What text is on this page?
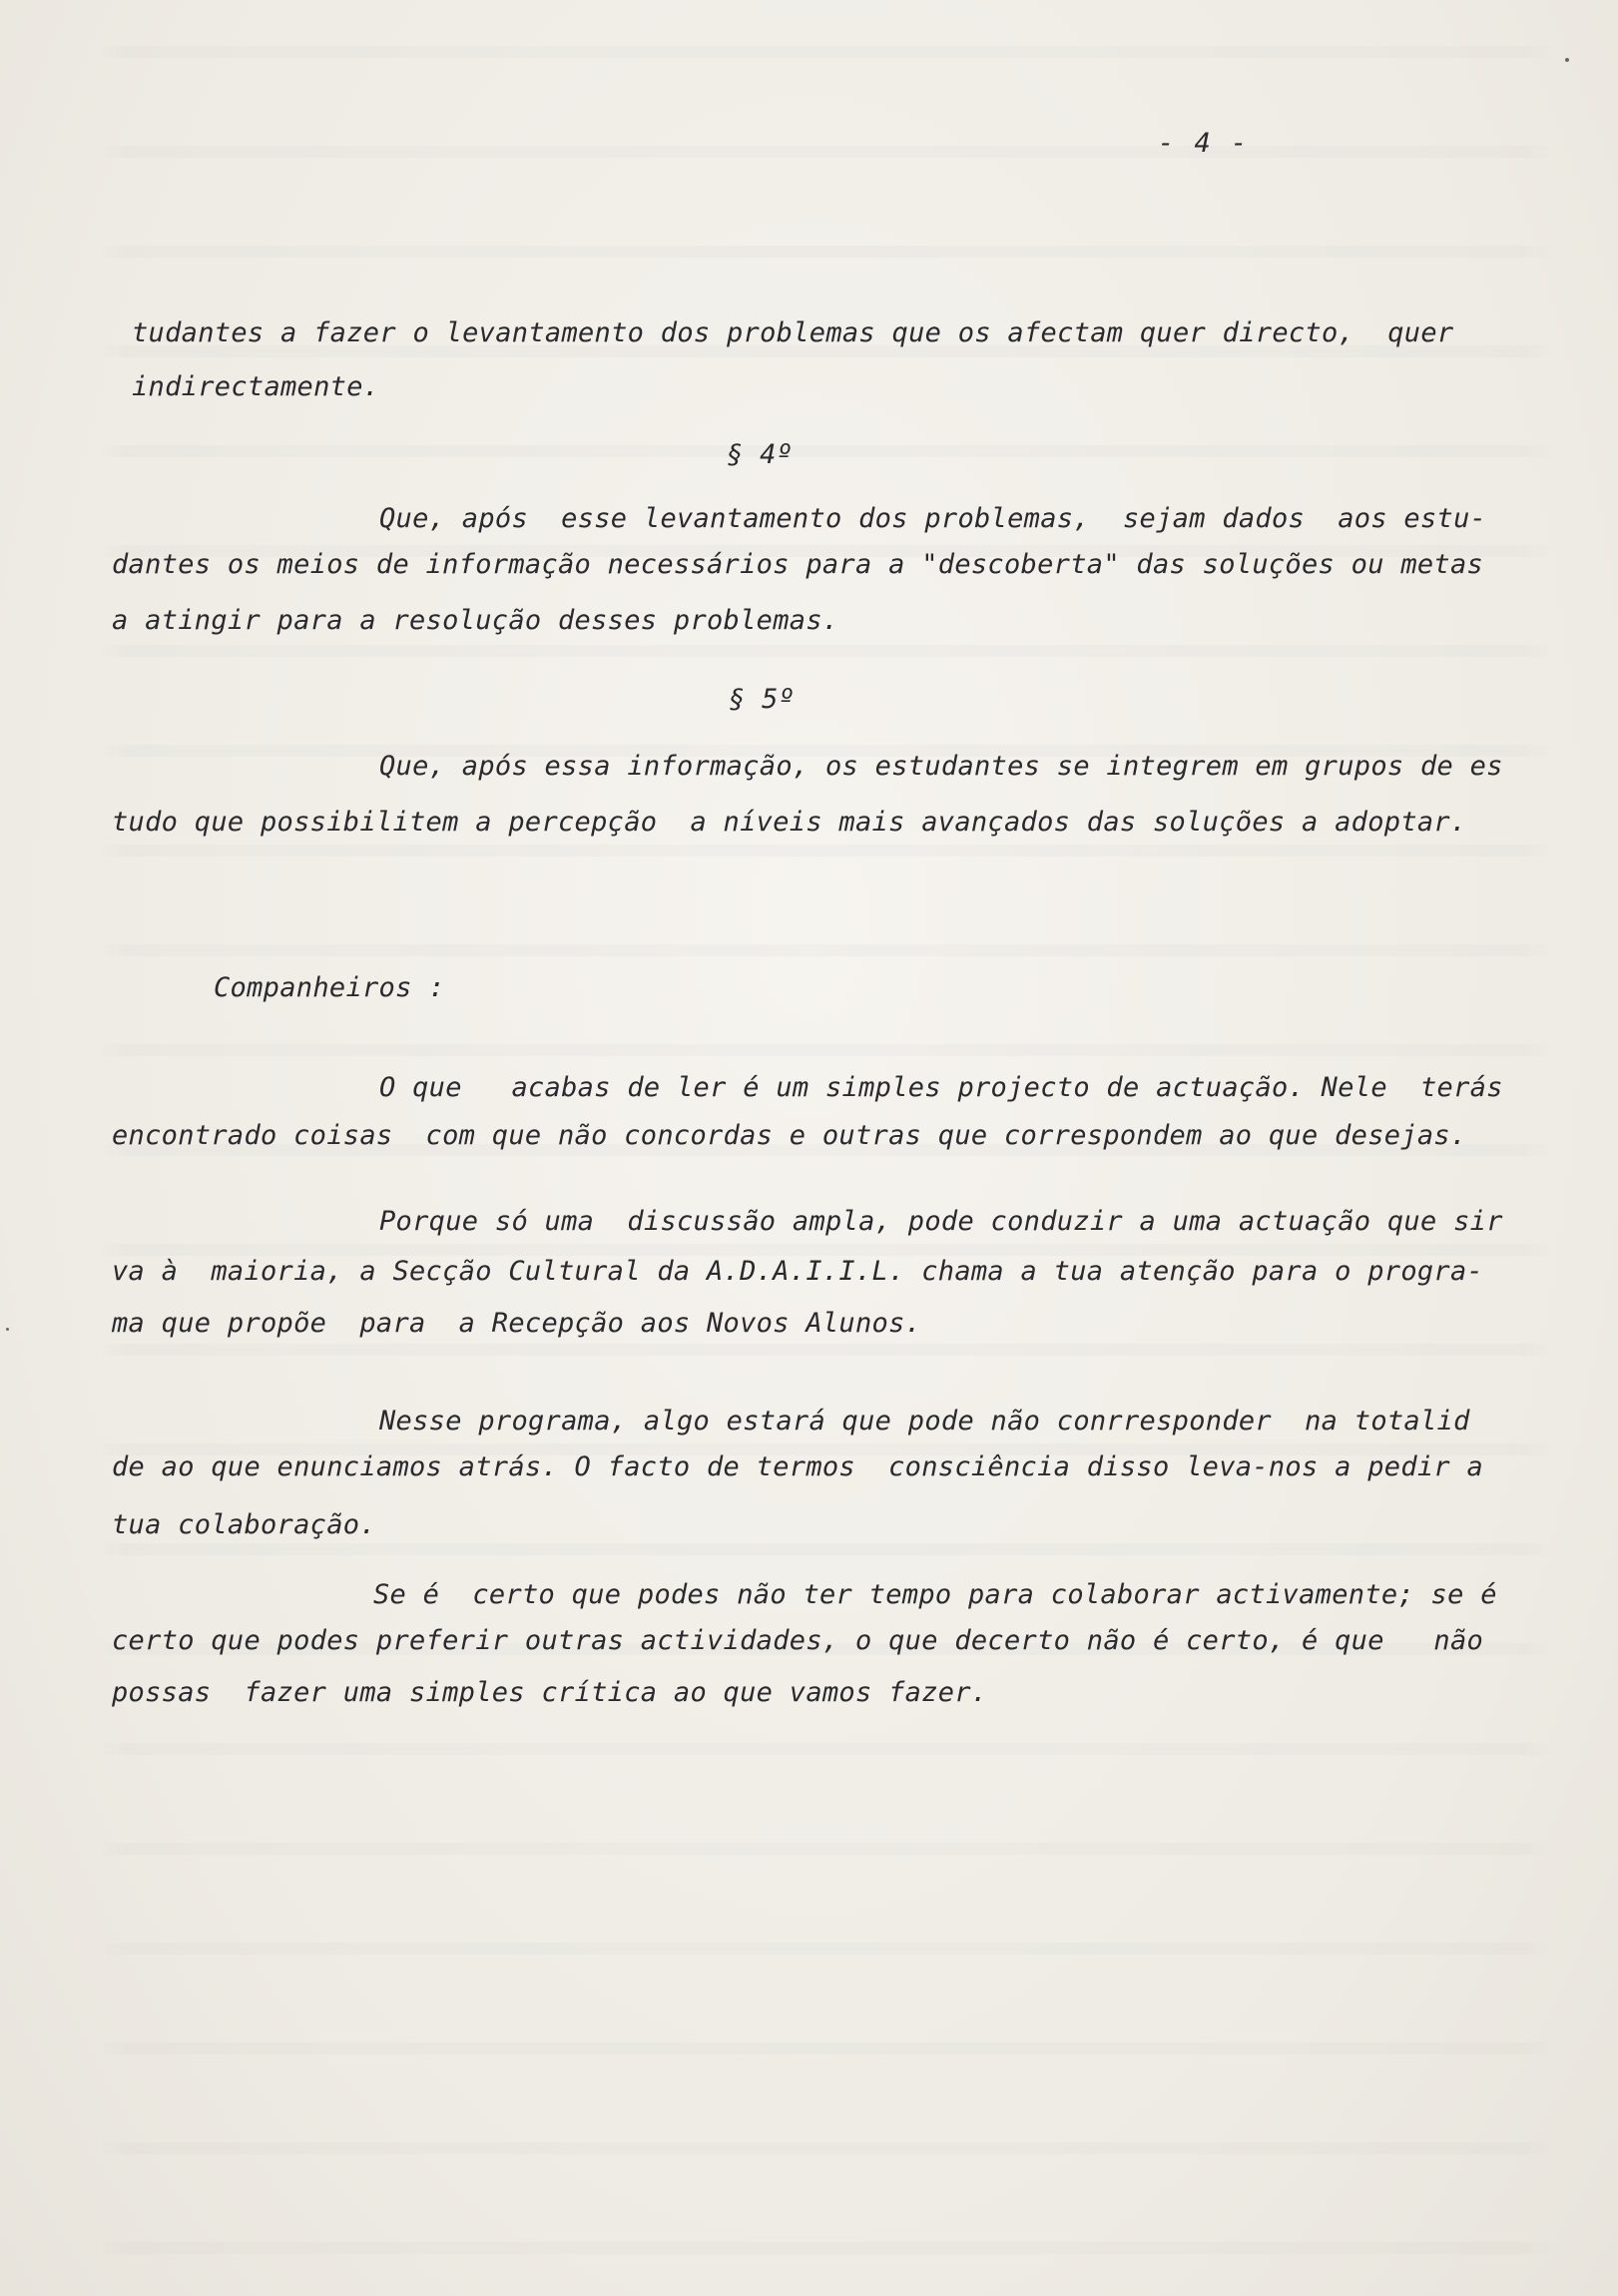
- 4 -
tudantes a fazer o levantamento dos problemas que os afectam quer directo,  quer
indirectamente.
§ 4º
Que, após  esse levantamento dos problemas,  sejam dados  aos estu-
dantes os meios de informação necessários para a "descoberta" das soluções ou metas
a atingir para a resolução desses problemas.
§ 5º
Que, após essa informação, os estudantes se integrem em grupos de es
tudo que possibilitem a percepção  a níveis mais avançados das soluções a adoptar.
Companheiros :
O que   acabas de ler é um simples projecto de actuação. Nele  terás
encontrado coisas  com que não concordas e outras que correspondem ao que desejas.
Porque só uma  discussão ampla, pode conduzir a uma actuação que sir
va à  maioria, a Secção Cultural da A.D.A.I.I.L. chama a tua atenção para o progra-
ma que propõe  para  a Recepção aos Novos Alunos.
Nesse programa, algo estará que pode não conrresponder  na totalid
de ao que enunciamos atrás. O facto de termos  consciência disso leva-nos a pedir a
tua colaboração.
Se é  certo que podes não ter tempo para colaborar activamente; se é
certo que podes preferir outras actividades, o que decerto não é certo, é que   não
possas  fazer uma simples crítica ao que vamos fazer.
